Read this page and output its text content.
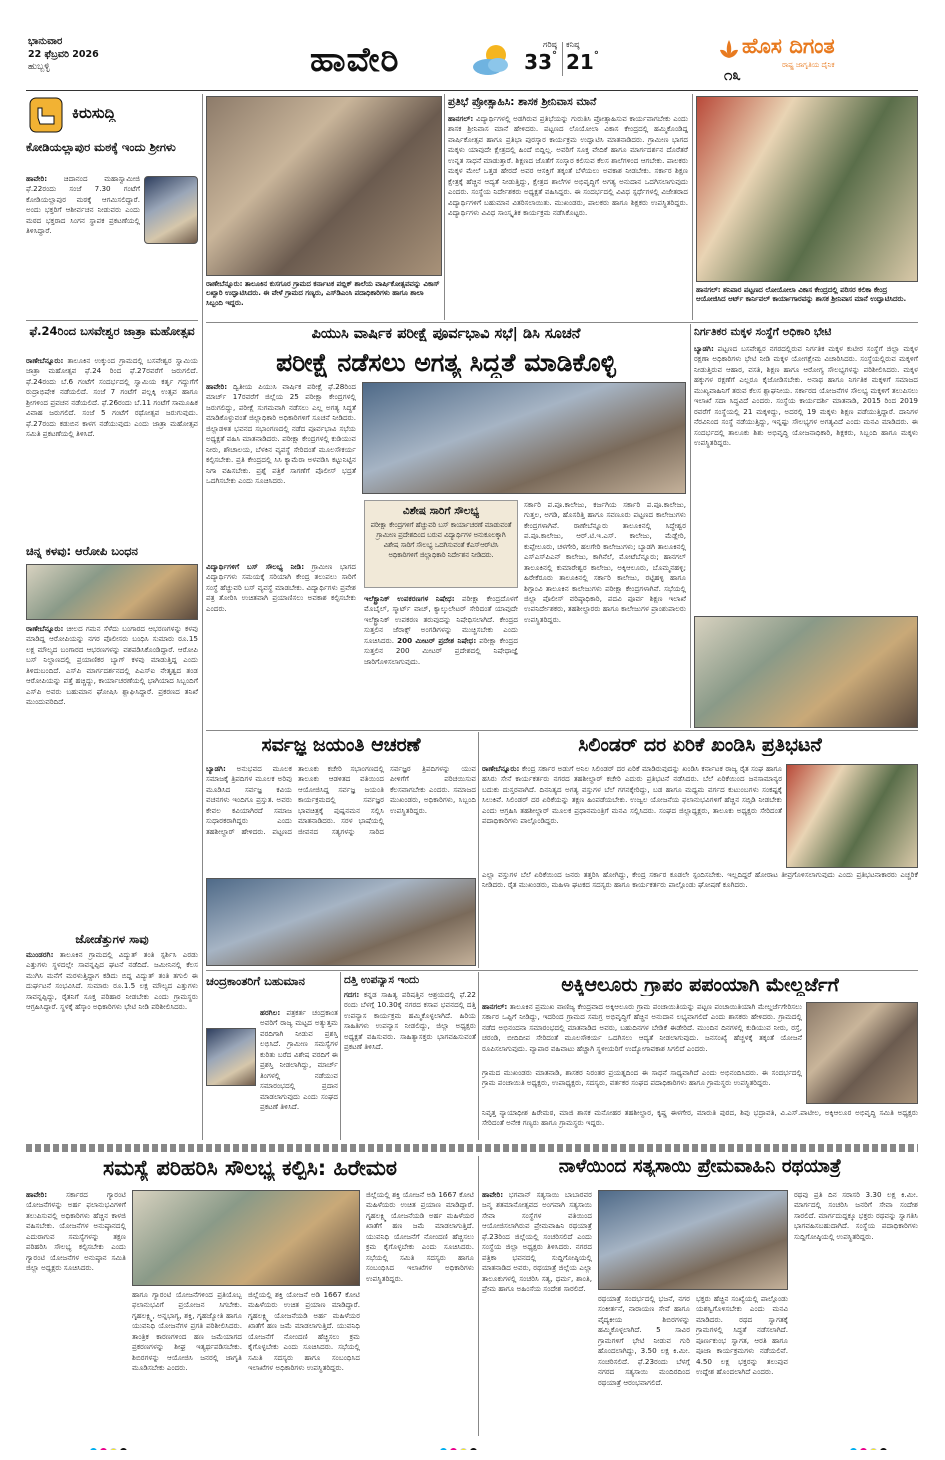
ಭಾನುವಾರ
22 ಫೆಬ್ರವರಿ 2026
ಹುಬ್ಬಳ್ಳಿ	ಹಾವೇರಿ	ಗರಿಷ್ಠ
33°
ಕನಿಷ್ಠ
21°	ಹೊಸ ದಿಗಂತ
ರಾಷ್ಟ್ರ ಜಾಗೃತಿಯ ದೈನಿಕ
೧೩
ಕಿರುಸುದ್ದಿ
ಕೋಡಿಯಲ್ಲಾಪುರ ಮಠಕ್ಕೆ ಇಂದು ಶ್ರೀಗಳು
ಹಾವೇರಿ: ಚಿದಾನಂದ ಮಹಾಸ್ವಾಮೀಜಿ ಫೆ.22ರಂದು ಸಂಜೆ 7.30 ಗಂಟೆಗೆ ಕೋಡಿಯಲ್ಲಾಪುರ ಮಠಕ್ಕೆ ಆಗಮಿಸಲಿದ್ದಾರೆ. ಅಂದು ಭಕ್ತರಿಗೆ ಆಶೀರ್ವಚನ ನೀಡುವರು ಎಂದು ಮಠದ ಭಕ್ತರಾದ ಸಿಂಗನ ಸ್ಥಾಪಕ ಪ್ರಕಟಣೆಯಲ್ಲಿ ತಿಳಿಸಿದ್ದಾರೆ.
ಫೆ.24ರಿಂದ ಬಸವೇಶ್ವರ ಜಾತ್ರಾ ಮಹೋತ್ಸವ
ರಾಣೇಬೆನ್ನೂರು: ತಾಲೂಕಿನ ಉಕ್ಕುಂದ ಗ್ರಾಮದಲ್ಲಿ ಬಸವೇಶ್ವರ ಸ್ವಾಮಿಯ ಜಾತ್ರಾ ಮಹೋತ್ಸವ ಫೆ.24 ರಿಂದ ಫೆ.27ರವರೆಗೆ ಜರುಗಲಿದೆ. ಫೆ.24ರಂದು ಬೆ.6 ಗಂಟೆಗೆ ಸಂದರ್ಭದಲ್ಲಿ ಸ್ವಾಮಿಯ ಕರ್ತೃ ಗದ್ದುಗೆಗೆ ರುದ್ರಾಭಿಷೇಕ ನಡೆಯಲಿದೆ. ಸಂಜೆ 7 ಗಂಟೆಗೆ ಪಲ್ಲಕ್ಕಿ ಉತ್ಸವ ಹಾಗೂ ಶ್ರೀಗಳಿಂದ ಪ್ರವಚನ ನಡೆಯಲಿದೆ. ಫೆ.26ರಂದು ಬೆ.11 ಗಂಟೆಗೆ ಸಾಮೂಹಿಕ ವಿವಾಹ ಜರುಗಲಿದೆ. ಸಂಜೆ 5 ಗಂಟೆಗೆ ರಥೋತ್ಸವ ಜರುಗುವುದು. ಫೆ.27ರಂದು ಕಡುಬಿನ ಕಾಳಗ ನಡೆಯುವುದು ಎಂದು ಜಾತ್ರಾ ಮಹೋತ್ಸವ ಸಮಿತಿ ಪ್ರಕಟಣೆಯಲ್ಲಿ ತಿಳಿಸಿದೆ.
ಚಿನ್ನ ಕಳವು: ಆರೋಪಿ ಬಂಧನ
ರಾಣೇಬೆನ್ನೂರು: ಚೀಲದ ಗಮನ ಸೆಳೆದು ಬಂಗಾರದ ಆಭರಣಗಳನ್ನು ಕಳವು ಮಾಡಿದ್ದ ಆರೋಪಿಯನ್ನು ನಗರ ಪೊಲೀಸರು ಬಂಧಿಸಿ ಸುಮಾರು ರೂ.15 ಲಕ್ಷ ಮೌಲ್ಯದ ಬಂಗಾರದ ಆಭರಣಗಳನ್ನು ವಶಪಡಿಸಿಕೊಂಡಿದ್ದಾರೆ. ಆರೋಪಿ ಬಸ್ ನಿಲ್ದಾಣದಲ್ಲಿ ಪ್ರಯಾಣಿಕರ ಬ್ಯಾಗ್ ಕಳವು ಮಾಡುತ್ತಿದ್ದ ಎಂದು ತಿಳಿದುಬಂದಿದೆ. ಎಸ್‌ಪಿ ಮಾರ್ಗದರ್ಶನದಲ್ಲಿ ಪಿಎಸ್‌ಐ ನೇತೃತ್ವದ ತಂಡ ಆರೋಪಿಯನ್ನು ಪತ್ತೆ ಹಚ್ಚಿದ್ದು, ಕಾರ್ಯಾಚರಣೆಯಲ್ಲಿ ಭಾಗಿಯಾದ ಸಿಬ್ಬಂದಿಗೆ ಎಸ್‌ಪಿ ಅವರು ಬಹುಮಾನ ಘೋಷಿಸಿ ಶ್ಲಾಘಿಸಿದ್ದಾರೆ. ಪ್ರಕರಣದ ತನಿಖೆ ಮುಂದುವರಿದಿದೆ.
ಜೋಡೆತ್ತುಗಳ ಸಾವು
ಮುಂಡರಗಿ: ತಾಲೂಕಿನ ಗ್ರಾಮದಲ್ಲಿ ವಿದ್ಯುತ್ ತಂತಿ ಸ್ಪರ್ಶಿಸಿ ಎರಡು ಎತ್ತುಗಳು ಸ್ಥಳದಲ್ಲೇ ಸಾವನ್ನಪ್ಪಿದ ಘಟನೆ ನಡೆದಿದೆ. ಜಮೀನಿನಲ್ಲಿ ಕೆಲಸ ಮುಗಿಸಿ ಮನೆಗೆ ಮರಳುತ್ತಿದ್ದಾಗ ಕಡಿದು ಬಿದ್ದ ವಿದ್ಯುತ್ ತಂತಿ ತಗುಲಿ ಈ ದುರ್ಘಟನೆ ಸಂಭವಿಸಿದೆ. ಸುಮಾರು ರೂ.1.5 ಲಕ್ಷ ಮೌಲ್ಯದ ಎತ್ತುಗಳು ಸಾವನ್ನಪ್ಪಿದ್ದು, ರೈತನಿಗೆ ಸೂಕ್ತ ಪರಿಹಾರ ನೀಡಬೇಕು ಎಂದು ಗ್ರಾಮಸ್ಥರು ಆಗ್ರಹಿಸಿದ್ದಾರೆ. ಸ್ಥಳಕ್ಕೆ ಹೆಸ್ಕಾಂ ಅಧಿಕಾರಿಗಳು ಭೇಟಿ ನೀಡಿ ಪರಿಶೀಲಿಸಿದರು.
ರಾಣೇಬೆನ್ನೂರು: ತಾಲೂಕಿನ ಕುಸಗೂರ ಗ್ರಾಮದ ಕರ್ನಾಟಕ ಪಬ್ಲಿಕ್ ಶಾಲೆಯ ವಾರ್ಷಿಕೋತ್ಸವವನ್ನು ವಿಕಾಸ್ ಲಖ್ಖಾರಿ ಉದ್ಘಾಟಿಸಿದರು. ಈ ವೇಳೆ ಗ್ರಾಮದ ಗಣ್ಯರು, ಎಸ್‌ಡಿಎಂಸಿ ಪದಾಧಿಕಾರಿಗಳು ಹಾಗೂ ಶಾಲಾ ಸಿಬ್ಬಂದಿ ಇದ್ದರು.
ಪ್ರತಿಭೆ ಪ್ರೋತ್ಸಾಹಿಸಿ: ಶಾಸಕ ಶ್ರೀನಿವಾಸ ಮಾನೆ
ಹಾನಗಲ್: ವಿದ್ಯಾರ್ಥಿಗಳಲ್ಲಿ ಅಡಗಿರುವ ಪ್ರತಿಭೆಯನ್ನು ಗುರುತಿಸಿ ಪ್ರೋತ್ಸಾಹಿಸುವ ಕಾರ್ಯವಾಗಬೇಕು ಎಂದು ಶಾಸಕ ಶ್ರೀನಿವಾಸ ಮಾನೆ ಹೇಳಿದರು. ಪಟ್ಟಣದ ಲೊಯೋಲಾ ವಿಕಾಸ ಕೇಂದ್ರದಲ್ಲಿ ಹಮ್ಮಿಕೊಂಡಿದ್ದ ವಾರ್ಷಿಕೋತ್ಸವ ಹಾಗೂ ಪ್ರತಿಭಾ ಪುರಸ್ಕಾರ ಕಾರ್ಯಕ್ರಮ ಉದ್ಘಾಟಿಸಿ ಮಾತನಾಡಿದರು. ಗ್ರಾಮೀಣ ಭಾಗದ ಮಕ್ಕಳು ಯಾವುದೇ ಕ್ಷೇತ್ರದಲ್ಲಿ ಹಿಂದೆ ಬಿದ್ದಿಲ್ಲ. ಅವರಿಗೆ ಸೂಕ್ತ ವೇದಿಕೆ ಹಾಗೂ ಮಾರ್ಗದರ್ಶನ ದೊರೆತರೆ ಉನ್ನತ ಸಾಧನೆ ಮಾಡುತ್ತಾರೆ. ಶಿಕ್ಷಣದ ಜೊತೆಗೆ ಸಂಸ್ಕಾರ ಕಲಿಸುವ ಕೆಲಸ ಶಾಲೆಗಳಿಂದ ಆಗಬೇಕು. ಪಾಲಕರು ಮಕ್ಕಳ ಮೇಲೆ ಒತ್ತಡ ಹೇರದೆ ಅವರ ಆಸಕ್ತಿಗೆ ತಕ್ಕಂತೆ ಬೆಳೆಯಲು ಅವಕಾಶ ನೀಡಬೇಕು. ಸರ್ಕಾರ ಶಿಕ್ಷಣ ಕ್ಷೇತ್ರಕ್ಕೆ ಹೆಚ್ಚಿನ ಆದ್ಯತೆ ನೀಡುತ್ತಿದ್ದು, ಕ್ಷೇತ್ರದ ಶಾಲೆಗಳ ಅಭಿವೃದ್ಧಿಗೆ ಅಗತ್ಯ ಅನುದಾನ ಒದಗಿಸಲಾಗುವುದು ಎಂದರು. ಸಂಸ್ಥೆಯ ನಿರ್ದೇಶಕರು ಅಧ್ಯಕ್ಷತೆ ವಹಿಸಿದ್ದರು. ಈ ಸಂದರ್ಭದಲ್ಲಿ ವಿವಿಧ ಸ್ಪರ್ಧೆಗಳಲ್ಲಿ ವಿಜೇತರಾದ ವಿದ್ಯಾರ್ಥಿಗಳಿಗೆ ಬಹುಮಾನ ವಿತರಿಸಲಾಯಿತು. ಮುಖಂಡರು, ಪಾಲಕರು ಹಾಗೂ ಶಿಕ್ಷಕರು ಉಪಸ್ಥಿತರಿದ್ದರು. ವಿದ್ಯಾರ್ಥಿಗಳು ವಿವಿಧ ಸಾಂಸ್ಕೃತಿಕ ಕಾರ್ಯಕ್ರಮ ನಡೆಸಿಕೊಟ್ಟರು.
ಹಾನಗಲ್: ಶನಿವಾರ ಪಟ್ಟಣದ ಲೋಯೋಲಾ ವಿಕಾಸ ಕೇಂದ್ರದಲ್ಲಿ ಪರಿಸರ ಕಲಿಕಾ ಕೇಂದ್ರ ಆಯೋಜಿಸಿದ ಆರ್ಟ್‌ ಕಾರ್ನಿವಲ್ ಕಾರ್ಯಾಗಾರವನ್ನು ಶಾಸಕ ಶ್ರೀನಿವಾಸ ಮಾನೆ ಉದ್ಘಾಟಿಸಿದರು.
ಪಿಯುಸಿ ವಾರ್ಷಿಕ ಪರೀಕ್ಷೆ ಪೂರ್ವಭಾವಿ ಸಭೆ| ಡಿಸಿ ಸೂಚನೆ
ಪರೀಕ್ಷೆ ನಡೆಸಲು ಅಗತ್ಯ ಸಿದ್ಧತೆ ಮಾಡಿಕೊಳ್ಳಿ
ಹಾವೇರಿ: ದ್ವಿತೀಯ ಪಿಯುಸಿ ವಾರ್ಷಿಕ ಪರೀಕ್ಷೆ ಫೆ.28ರಿಂದ ಮಾರ್ಚ್ 17ರವರೆಗೆ ಜಿಲ್ಲೆಯ 25 ಪರೀಕ್ಷಾ ಕೇಂದ್ರಗಳಲ್ಲಿ ಜರುಗಲಿದ್ದು, ಪರೀಕ್ಷೆ ಸುಗಮವಾಗಿ ನಡೆಸಲು ಎಲ್ಲ ಅಗತ್ಯ ಸಿದ್ಧತೆ ಮಾಡಿಕೊಳ್ಳುವಂತೆ ಜಿಲ್ಲಾಧಿಕಾರಿ ಅಧಿಕಾರಿಗಳಿಗೆ ಸೂಚನೆ ನೀಡಿದರು. ಜಿಲ್ಲಾಡಳಿತ ಭವನದ ಸಭಾಂಗಣದಲ್ಲಿ ನಡೆದ ಪೂರ್ವಭಾವಿ ಸಭೆಯ ಅಧ್ಯಕ್ಷತೆ ವಹಿಸಿ ಮಾತನಾಡಿದರು. ಪರೀಕ್ಷಾ ಕೇಂದ್ರಗಳಲ್ಲಿ ಕುಡಿಯುವ ನೀರು, ಶೌಚಾಲಯ, ಬೆಳಕಿನ ವ್ಯವಸ್ಥೆ ಸೇರಿದಂತೆ ಮೂಲಸೌಕರ್ಯ ಕಲ್ಪಿಸಬೇಕು. ಪ್ರತಿ ಕೇಂದ್ರದಲ್ಲಿ ಸಿಸಿ ಕ್ಯಾಮೆರಾ ಅಳವಡಿಸಿ ಕಟ್ಟುನಿಟ್ಟಿನ ನಿಗಾ ವಹಿಸಬೇಕು. ಪ್ರಶ್ನೆ ಪತ್ರಿಕೆ ಸಾಗಣೆಗೆ ಪೊಲೀಸ್ ಭದ್ರತೆ ಒದಗಿಸಬೇಕು ಎಂದು ಸೂಚಿಸಿದರು.
ವಿದ್ಯಾರ್ಥಿಗಳಿಗೆ ಬಸ್ ಸೌಲಭ್ಯ ನೀಡಿ: ಗ್ರಾಮೀಣ ಭಾಗದ ವಿದ್ಯಾರ್ಥಿಗಳು ಸಮಯಕ್ಕೆ ಸರಿಯಾಗಿ ಕೇಂದ್ರ ತಲುಪಲು ಸಾರಿಗೆ ಸಂಸ್ಥೆ ಹೆಚ್ಚುವರಿ ಬಸ್ ವ್ಯವಸ್ಥೆ ಮಾಡಬೇಕು. ವಿದ್ಯಾರ್ಥಿಗಳು ಪ್ರವೇಶ ಪತ್ರ ತೋರಿಸಿ ಉಚಿತವಾಗಿ ಪ್ರಯಾಣಿಸಲು ಅವಕಾಶ ಕಲ್ಪಿಸಬೇಕು ಎಂದರು.
ವಿಶೇಷ ಸಾರಿಗೆ ಸೌಲಭ್ಯ
ಪರೀಕ್ಷಾ ಕೇಂದ್ರಗಳಿಗೆ ಹೆಚ್ಚುವರಿ ಬಸ್ ಕಾರ್ಯಾಚರಣೆ ಮಾಡುವಂತೆ ಗ್ರಾಮೀಣ ಪ್ರದೇಶದಿಂದ ಬರುವ ವಿದ್ಯಾರ್ಥಿಗಳ ಅನುಕೂಲಕ್ಕಾಗಿ ವಿಶೇಷ ಸಾರಿಗೆ ಸೌಲಭ್ಯ ಒದಗಿಸುವಂತೆ ಕೆಎಸ್‌ಆರ್‌ಟಿಸಿ ಅಧಿಕಾರಿಗಳಿಗೆ ಜಿಲ್ಲಾಧಿಕಾರಿ ನಿರ್ದೇಶನ ನೀಡಿದರು.
ಇಲೆಕ್ಟ್ರಾನಿಕ್ ಉಪಕರಣಗಳ ನಿಷೇಧ: ಪರೀಕ್ಷಾ ಕೇಂದ್ರದೊಳಗೆ ಮೊಬೈಲ್, ಸ್ಮಾರ್ಟ್ ವಾಚ್, ಕ್ಯಾಲ್ಕುಲೇಟರ್ ಸೇರಿದಂತೆ ಯಾವುದೇ ಇಲೆಕ್ಟ್ರಾನಿಕ್ ಉಪಕರಣ ತರುವುದನ್ನು ನಿಷೇಧಿಸಲಾಗಿದೆ. ಕೇಂದ್ರದ ಸುತ್ತಲಿನ ಜೆರಾಕ್ಸ್ ಅಂಗಡಿಗಳನ್ನು ಮುಚ್ಚಿಸಬೇಕು ಎಂದು ಸೂಚಿಸಿದರು. 200 ಮೀಟರ್ ಪ್ರದೇಶ ನಿಷೇಧ: ಪರೀಕ್ಷಾ ಕೇಂದ್ರದ ಸುತ್ತಲಿನ 200 ಮೀಟರ್ ಪ್ರದೇಶದಲ್ಲಿ ನಿಷೇಧಾಜ್ಞೆ ಜಾರಿಗೊಳಿಸಲಾಗುವುದು.
ಸರ್ಕಾರಿ ಪ.ಪೂ.ಕಾಲೇಜು, ಕರ್ಜಗಿಯ ಸರ್ಕಾರಿ ಪ.ಪೂ.ಕಾಲೇಜು, ಗುತ್ತಲ, ಅಗಡಿ, ಹೊಸರಿತ್ತಿ ಹಾಗೂ ಸವಣೂರು ಪಟ್ಟಣದ ಕಾಲೇಜುಗಳು ಕೇಂದ್ರಗಳಾಗಿವೆ. ರಾಣೇಬೆನ್ನೂರು ತಾಲೂಕಿನಲ್ಲಿ ಸಿದ್ಧೇಶ್ವರ ಪ.ಪೂ.ಕಾಲೇಜು, ಆರ್.ಟಿ.ಇ.ಎಸ್. ಕಾಲೇಜು, ಮೆಡ್ಲೇರಿ, ಕುಪ್ಪೇಲೂರು, ಚಳಗೇರಿ, ಹಲಗೇರಿ ಕಾಲೇಜುಗಳು; ಬ್ಯಾಡಗಿ ತಾಲೂಕಿನಲ್ಲಿ ಎಸ್‌ಎಸ್‌ಪಿಎನ್ ಕಾಲೇಜು, ಕಾಗಿನೆಲೆ, ಮೋಟೆಬೆನ್ನೂರು; ಹಾನಗಲ್ ತಾಲೂಕಿನಲ್ಲಿ ಕುಮಾರೇಶ್ವರ ಕಾಲೇಜು, ಅಕ್ಕಿಆಲೂರು, ಬೊಮ್ಮನಹಳ್ಳಿ; ಹಿರೇಕೆರೂರು ತಾಲೂಕಿನಲ್ಲಿ ಸರ್ಕಾರಿ ಕಾಲೇಜು, ರಟ್ಟಿಹಳ್ಳಿ ಹಾಗೂ ಶಿಗ್ಗಾಂವಿ ತಾಲೂಕಿನ ಕಾಲೇಜುಗಳು ಪರೀಕ್ಷಾ ಕೇಂದ್ರಗಳಾಗಿವೆ. ಸಭೆಯಲ್ಲಿ ಜಿಲ್ಲಾ ಪೊಲೀಸ್ ವರಿಷ್ಠಾಧಿಕಾರಿ, ಪದವಿ ಪೂರ್ವ ಶಿಕ್ಷಣ ಇಲಾಖೆ ಉಪನಿರ್ದೇಶಕರು, ತಹಶೀಲ್ದಾರರು ಹಾಗೂ ಕಾಲೇಜುಗಳ ಪ್ರಾಂಶುಪಾಲರು ಉಪಸ್ಥಿತರಿದ್ದರು.
ನಿರ್ಗತಿಕರ ಮಕ್ಕಳ ಸಂಸ್ಥೆಗೆ ಅಧಿಕಾರಿ ಭೇಟಿ
ಬ್ಯಾಡಗಿ: ಪಟ್ಟಣದ ಬಸವೇಶ್ವರ ನಗರದಲ್ಲಿರುವ ನಿರ್ಗತಿಕ ಮಕ್ಕಳ ಕುಟೀರ ಸಂಸ್ಥೆಗೆ ಜಿಲ್ಲಾ ಮಕ್ಕಳ ರಕ್ಷಣಾ ಅಧಿಕಾರಿಗಳು ಭೇಟಿ ನೀಡಿ ಮಕ್ಕಳ ಯೋಗಕ್ಷೇಮ ವಿಚಾರಿಸಿದರು. ಸಂಸ್ಥೆಯಲ್ಲಿರುವ ಮಕ್ಕಳಿಗೆ ನೀಡುತ್ತಿರುವ ಆಹಾರ, ವಸತಿ, ಶಿಕ್ಷಣ ಹಾಗೂ ಆರೋಗ್ಯ ಸೌಲಭ್ಯಗಳನ್ನು ಪರಿಶೀಲಿಸಿದರು. ಮಕ್ಕಳ ಹಕ್ಕುಗಳ ರಕ್ಷಣೆಗೆ ಎಲ್ಲರೂ ಕೈಜೋಡಿಸಬೇಕು. ಅನಾಥ ಹಾಗೂ ನಿರ್ಗತಿಕ ಮಕ್ಕಳಿಗೆ ಸಮಾಜದ ಮುಖ್ಯವಾಹಿನಿಗೆ ತರುವ ಕೆಲಸ ಶ್ಲಾಘನೀಯ. ಸರ್ಕಾರದ ಯೋಜನೆಗಳ ಸೌಲಭ್ಯ ಮಕ್ಕಳಿಗೆ ತಲುಪಿಸಲು ಇಲಾಖೆ ಸದಾ ಸಿದ್ಧವಿದೆ ಎಂದರು. ಸಂಸ್ಥೆಯ ಕಾರ್ಯದರ್ಶಿ ಮಾತನಾಡಿ, 2015 ರಿಂದ 2019 ರವರೆಗೆ ಸಂಸ್ಥೆಯಲ್ಲಿ 21 ಮಕ್ಕಳಿದ್ದು, ಅದರಲ್ಲಿ 19 ಮಕ್ಕಳು ಶಿಕ್ಷಣ ಪಡೆಯುತ್ತಿದ್ದಾರೆ. ದಾನಿಗಳ ನೆರವಿನಿಂದ ಸಂಸ್ಥೆ ನಡೆಯುತ್ತಿದ್ದು, ಇನ್ನಷ್ಟು ಸೌಲಭ್ಯಗಳ ಅಗತ್ಯವಿದೆ ಎಂದು ಮನವಿ ಮಾಡಿದರು. ಈ ಸಂದರ್ಭದಲ್ಲಿ ತಾಲೂಕು ಶಿಶು ಅಭಿವೃದ್ಧಿ ಯೋಜನಾಧಿಕಾರಿ, ಶಿಕ್ಷಕರು, ಸಿಬ್ಬಂದಿ ಹಾಗೂ ಮಕ್ಕಳು ಉಪಸ್ಥಿತರಿದ್ದರು.
ಸರ್ವಜ್ಞ ಜಯಂತಿ ಆಚರಣೆ
ಬ್ಯಾಡಗಿ: ಅನುಭವದ ಮೂಲಕ ಸಮಾಜಕ್ಕೆ ತ್ರಿಪದಿಗಳ ಮೂಲಕ ಅರಿವು ಮೂಡಿಸಿದ ಸರ್ವಜ್ಞ ಕವಿಯ ವಚನಗಳು ಇಂದಿಗೂ ಪ್ರಸ್ತುತ. ಅವರು ಕೇವಲ ಕವಿಯಾಗಿರದೆ ಸಮಾಜ ಸುಧಾರಕರಾಗಿದ್ದರು ಎಂದು ತಹಶೀಲ್ದಾರ್ ಹೇಳಿದರು. ಪಟ್ಟಣದ ತಾಲೂಕು ಕಚೇರಿ ಸಭಾಂಗಣದಲ್ಲಿ ತಾಲೂಕು ಆಡಳಿತದ ವತಿಯಿಂದ ಆಯೋಜಿಸಿದ್ದ ಸರ್ವಜ್ಞ ಜಯಂತಿ ಕಾರ್ಯಕ್ರಮದಲ್ಲಿ ಸರ್ವಜ್ಞರ ಭಾವಚಿತ್ರಕ್ಕೆ ಪುಷ್ಪನಮನ ಸಲ್ಲಿಸಿ ಮಾತನಾಡಿದರು. ಸರಳ ಭಾಷೆಯಲ್ಲಿ ಜೀವನದ ಸತ್ಯಗಳನ್ನು ಸಾರಿದ ಸರ್ವಜ್ಞರ ತ್ರಿಪದಿಗಳನ್ನು ಯುವ ಪೀಳಿಗೆಗೆ ಪರಿಚಯಿಸುವ ಕೆಲಸವಾಗಬೇಕು ಎಂದರು. ಸಮಾಜದ ಮುಖಂಡರು, ಅಧಿಕಾರಿಗಳು, ಸಿಬ್ಬಂದಿ ಉಪಸ್ಥಿತರಿದ್ದರು.
ಸಿಲಿಂಡರ್ ದರ ಏರಿಕೆ ಖಂಡಿಸಿ ಪ್ರತಿಭಟನೆ
ರಾಣೇಬೆನ್ನೂರು: ಕೇಂದ್ರ ಸರ್ಕಾರ ಅಡುಗೆ ಅನಿಲ ಸಿಲಿಂಡರ್ ದರ ಏರಿಕೆ ಮಾಡಿರುವುದನ್ನು ಖಂಡಿಸಿ ಕರ್ನಾಟಕ ರಾಜ್ಯ ರೈತ ಸಂಘ ಹಾಗೂ ಹಸಿರು ಸೇನೆ ಕಾರ್ಯಕರ್ತರು ನಗರದ ತಹಶೀಲ್ದಾರ್ ಕಚೇರಿ ಎದುರು ಪ್ರತಿಭಟನೆ ನಡೆಸಿದರು. ಬೆಲೆ ಏರಿಕೆಯಿಂದ ಜನಸಾಮಾನ್ಯರ ಬದುಕು ದುಸ್ತರವಾಗಿದೆ. ದಿನನಿತ್ಯದ ಅಗತ್ಯ ವಸ್ತುಗಳ ಬೆಲೆ ಗಗನಕ್ಕೇರಿದ್ದು, ಬಡ ಹಾಗೂ ಮಧ್ಯಮ ವರ್ಗದ ಕುಟುಂಬಗಳು ಸಂಕಷ್ಟಕ್ಕೆ ಸಿಲುಕಿವೆ. ಸಿಲಿಂಡರ್ ದರ ಏರಿಕೆಯನ್ನು ತಕ್ಷಣ ಹಿಂಪಡೆಯಬೇಕು. ಉಜ್ವಲ ಯೋಜನೆಯ ಫಲಾನುಭವಿಗಳಿಗೆ ಹೆಚ್ಚಿನ ಸಬ್ಸಿಡಿ ನೀಡಬೇಕು ಎಂದು ಆಗ್ರಹಿಸಿ ತಹಶೀಲ್ದಾರ್ ಮೂಲಕ ಪ್ರಧಾನಮಂತ್ರಿಗೆ ಮನವಿ ಸಲ್ಲಿಸಿದರು. ಸಂಘದ ಜಿಲ್ಲಾಧ್ಯಕ್ಷರು, ತಾಲೂಕು ಅಧ್ಯಕ್ಷರು ಸೇರಿದಂತೆ ಪದಾಧಿಕಾರಿಗಳು ಪಾಲ್ಗೊಂಡಿದ್ದರು.
ಎಲ್ಲಾ ವಸ್ತುಗಳ ಬೆಲೆ ಏರಿಕೆಯಿಂದ ಜನರು ತತ್ತರಿಸಿ ಹೋಗಿದ್ದು, ಕೇಂದ್ರ ಸರ್ಕಾರ ಕೂಡಲೇ ಸ್ಪಂದಿಸಬೇಕು. ಇಲ್ಲದಿದ್ದರೆ ಹೋರಾಟ ತೀವ್ರಗೊಳಿಸಲಾಗುವುದು ಎಂದು ಪ್ರತಿಭಟನಾಕಾರರು ಎಚ್ಚರಿಕೆ ನೀಡಿದರು. ರೈತ ಮುಖಂಡರು, ಮಹಿಳಾ ಘಟಕದ ಸದಸ್ಯರು ಹಾಗೂ ಕಾರ್ಯಕರ್ತರು ಪಾಲ್ಗೊಂಡು ಘೋಷಣೆ ಕೂಗಿದರು.
ಚಂದ್ರಕಾಂತರಿಗೆ ಬಹುಮಾನ
ಹರಗಿಲ: ಪತ್ರಕರ್ತ ಚಂದ್ರಕಾಂತ ಅವರಿಗೆ ರಾಜ್ಯ ಮಟ್ಟದ ಅತ್ಯುತ್ತಮ ವರದಿಗಾಗಿ ನೀಡುವ ಪ್ರಶಸ್ತಿ ಲಭಿಸಿದೆ. ಗ್ರಾಮೀಣ ಸಮಸ್ಯೆಗಳ ಕುರಿತು ಬರೆದ ವಿಶೇಷ ವರದಿಗೆ ಈ ಪ್ರಶಸ್ತಿ ನೀಡಲಾಗಿದ್ದು, ಮಾರ್ಚ್ ತಿಂಗಳಲ್ಲಿ ನಡೆಯುವ ಸಮಾರಂಭದಲ್ಲಿ ಪ್ರದಾನ ಮಾಡಲಾಗುವುದು ಎಂದು ಸಂಘದ ಪ್ರಕಟಣೆ ತಿಳಿಸಿದೆ.
ದತ್ತಿ ಉಪನ್ಯಾಸ ಇಂದು
ಗದಗ: ಕನ್ನಡ ಸಾಹಿತ್ಯ ಪರಿಷತ್ತಿನ ಆಶ್ರಯದಲ್ಲಿ ಫೆ.22 ರಂದು ಬೆಳಗ್ಗೆ 10.30ಕ್ಕೆ ನಗರದ ಕಸಾಪ ಭವನದಲ್ಲಿ ದತ್ತಿ ಉಪನ್ಯಾಸ ಕಾರ್ಯಕ್ರಮ ಹಮ್ಮಿಕೊಳ್ಳಲಾಗಿದೆ. ಹಿರಿಯ ಸಾಹಿತಿಗಳು ಉಪನ್ಯಾಸ ನೀಡಲಿದ್ದು, ಜಿಲ್ಲಾ ಅಧ್ಯಕ್ಷರು ಅಧ್ಯಕ್ಷತೆ ವಹಿಸುವರು. ಸಾಹಿತ್ಯಾಸಕ್ತರು ಭಾಗವಹಿಸುವಂತೆ ಪ್ರಕಟಣೆ ತಿಳಿಸಿದೆ.
ಅಕ್ಕಿಆಲೂರು ಗ್ರಾಪಂ ಪಪಂಯಾಗಿ ಮೇಲ್ದರ್ಜೆಗೆ
ಹಾನಗಲ್: ತಾಲೂಕಿನ ಪ್ರಮುಖ ವಾಣಿಜ್ಯ ಕೇಂದ್ರವಾದ ಅಕ್ಕಿಆಲೂರು ಗ್ರಾಮ ಪಂಚಾಯಿತಿಯನ್ನು ಪಟ್ಟಣ ಪಂಚಾಯಿತಿಯಾಗಿ ಮೇಲ್ದರ್ಜೆಗೇರಿಸಲು ಸರ್ಕಾರ ಒಪ್ಪಿಗೆ ನೀಡಿದ್ದು, ಇದರಿಂದ ಗ್ರಾಮದ ಸಮಗ್ರ ಅಭಿವೃದ್ಧಿಗೆ ಹೆಚ್ಚಿನ ಅನುದಾನ ಲಭ್ಯವಾಗಲಿದೆ ಎಂದು ಶಾಸಕರು ಹೇಳಿದರು. ಗ್ರಾಮದಲ್ಲಿ ನಡೆದ ಅಭಿನಂದನಾ ಸಮಾರಂಭದಲ್ಲಿ ಮಾತನಾಡಿದ ಅವರು, ಬಹುದಿನಗಳ ಬೇಡಿಕೆ ಈಡೇರಿದೆ. ಮುಂದಿನ ದಿನಗಳಲ್ಲಿ ಕುಡಿಯುವ ನೀರು, ರಸ್ತೆ, ಚರಂಡಿ, ಬೀದಿದೀಪ ಸೇರಿದಂತೆ ಮೂಲಸೌಕರ್ಯ ಒದಗಿಸಲು ಆದ್ಯತೆ ನೀಡಲಾಗುವುದು. ಜನಸಂಖ್ಯೆ ಹೆಚ್ಚಳಕ್ಕೆ ತಕ್ಕಂತೆ ಯೋಜನೆ ರೂಪಿಸಲಾಗುವುದು. ವ್ಯಾಪಾರ ವಹಿವಾಟು ಹೆಚ್ಚಾಗಿ ಸ್ಥಳೀಯರಿಗೆ ಉದ್ಯೋಗಾವಕಾಶ ಸಿಗಲಿದೆ ಎಂದರು.
ಗ್ರಾಮದ ಮುಖಂಡರು ಮಾತನಾಡಿ, ಶಾಸಕರ ನಿರಂತರ ಪ್ರಯತ್ನದಿಂದ ಈ ಸಾಧನೆ ಸಾಧ್ಯವಾಗಿದೆ ಎಂದು ಅಭಿನಂದಿಸಿದರು. ಈ ಸಂದರ್ಭದಲ್ಲಿ ಗ್ರಾಮ ಪಂಚಾಯಿತಿ ಅಧ್ಯಕ್ಷರು, ಉಪಾಧ್ಯಕ್ಷರು, ಸದಸ್ಯರು, ವರ್ತಕರ ಸಂಘದ ಪದಾಧಿಕಾರಿಗಳು ಹಾಗೂ ಗ್ರಾಮಸ್ಥರು ಉಪಸ್ಥಿತರಿದ್ದರು.
ನಿವೃತ್ತ ನ್ಯಾಯಾಧೀಶ ಹಿರೇಮಠ, ಮಾಜಿ ಶಾಸಕ ಮನೋಹರ ತಹಶೀಲ್ದಾರ, ಕೃಷ್ಣ ಈಳಗೇರ, ಮಾರುತಿ ಪುರದ, ಶಿವು ಭದ್ರಾವತಿ, ವಿ.ಎಸ್.ಪಾಟೀಲ, ಅಕ್ಕಿಆಲೂರ ಅಭಿವೃದ್ಧಿ ಸಮಿತಿ ಅಧ್ಯಕ್ಷರು ಸೇರಿದಂತೆ ಅನೇಕ ಗಣ್ಯರು ಹಾಗೂ ಗ್ರಾಮಸ್ಥರು ಇದ್ದರು.
ಸಮಸ್ಯೆ ಪರಿಹರಿಸಿ ಸೌಲಭ್ಯ ಕಲ್ಪಿಸಿ: ಹಿರೇಮಠ
ಹಾವೇರಿ:	ಸರ್ಕಾರದ ಗ್ಯಾರಂಟಿ ಯೋಜನೆಗಳನ್ನು ಅರ್ಹ ಫಲಾನುಭವಿಗಳಿಗೆ ತಲುಪಿಸುವಲ್ಲಿ ಅಧಿಕಾರಿಗಳು ಹೆಚ್ಚಿನ ಕಾಳಜಿ ವಹಿಸಬೇಕು. ಯೋಜನೆಗಳ ಅನುಷ್ಠಾನದಲ್ಲಿ ಎದುರಾಗುವ ಸಮಸ್ಯೆಗಳನ್ನು ತಕ್ಷಣ ಪರಿಹರಿಸಿ ಸೌಲಭ್ಯ ಕಲ್ಪಿಸಬೇಕು ಎಂದು ಗ್ಯಾರಂಟಿ ಯೋಜನೆಗಳ ಅನುಷ್ಠಾನ ಸಮಿತಿ ಜಿಲ್ಲಾ ಅಧ್ಯಕ್ಷರು ಸೂಚಿಸಿದರು.
ಹಾಗೂ ಗ್ಯಾರಂಟಿ ಯೋಜನೆಗಳಿಂದ ಪ್ರತಿಯೊಬ್ಬ ಫಲಾನುಭವಿಗೆ ಪ್ರಯೋಜನ ಸಿಗಬೇಕು. ಗೃಹಲಕ್ಷ್ಮಿ, ಅನ್ನಭಾಗ್ಯ, ಶಕ್ತಿ, ಗೃಹಜ್ಯೋತಿ ಹಾಗೂ ಯುವನಿಧಿ ಯೋಜನೆಗಳ ಪ್ರಗತಿ ಪರಿಶೀಲಿಸಿದರು. ತಾಂತ್ರಿಕ ಕಾರಣಗಳಿಂದ ಹಣ ಜಮೆಯಾಗದ ಪ್ರಕರಣಗಳನ್ನು ಶೀಘ್ರ ಇತ್ಯರ್ಥಪಡಿಸಬೇಕು. ಶಿಬಿರಗಳನ್ನು ಆಯೋಜಿಸಿ ಜನರಲ್ಲಿ ಜಾಗೃತಿ ಮೂಡಿಸಬೇಕು ಎಂದರು.
ಜಿಲ್ಲೆಯಲ್ಲಿ ಶಕ್ತಿ ಯೋಜನೆ ಅಡಿ 1667 ಕೋಟಿ ಮಹಿಳೆಯರು ಉಚಿತ ಪ್ರಯಾಣ ಮಾಡಿದ್ದಾರೆ. ಗೃಹಲಕ್ಷ್ಮಿ ಯೋಜನೆಯಡಿ ಅರ್ಹ ಮಹಿಳೆಯರ ಖಾತೆಗೆ ಹಣ ಜಮೆ ಮಾಡಲಾಗುತ್ತಿದೆ. ಯುವನಿಧಿ ಯೋಜನೆಗೆ ನೋಂದಣಿ ಹೆಚ್ಚಿಸಲು ಕ್ರಮ ಕೈಗೊಳ್ಳಬೇಕು ಎಂದು ಸೂಚಿಸಿದರು. ಸಭೆಯಲ್ಲಿ ಸಮಿತಿ ಸದಸ್ಯರು ಹಾಗೂ ಸಂಬಂಧಿಸಿದ ಇಲಾಖೆಗಳ ಅಧಿಕಾರಿಗಳು ಉಪಸ್ಥಿತರಿದ್ದರು.
ಜಿಲ್ಲೆಯಲ್ಲಿ ಶಕ್ತಿ ಯೋಜನೆ ಅಡಿ 1667 ಕೋಟಿ ಮಹಿಳೆಯರು ಉಚಿತ ಪ್ರಯಾಣ ಮಾಡಿದ್ದಾರೆ. ಗೃಹಲಕ್ಷ್ಮಿ ಯೋಜನೆಯಡಿ ಅರ್ಹ ಮಹಿಳೆಯರ ಖಾತೆಗೆ ಹಣ ಜಮೆ ಮಾಡಲಾಗುತ್ತಿದೆ. ಯುವನಿಧಿ ಯೋಜನೆಗೆ ನೋಂದಣಿ ಹೆಚ್ಚಿಸಲು ಕ್ರಮ ಕೈಗೊಳ್ಳಬೇಕು ಎಂದು ಸೂಚಿಸಿದರು. ಸಭೆಯಲ್ಲಿ ಸಮಿತಿ ಸದಸ್ಯರು ಹಾಗೂ ಸಂಬಂಧಿಸಿದ ಇಲಾಖೆಗಳ ಅಧಿಕಾರಿಗಳು ಉಪಸ್ಥಿತರಿದ್ದರು.
ನಾಳೆಯಿಂದ ಸತ್ಯಸಾಯಿ ಪ್ರೇಮವಾಹಿನಿ ರಥಯಾತ್ರೆ
ಹಾವೇರಿ: ಭಗವಾನ್ ಸತ್ಯಸಾಯಿ ಬಾಬಾರವರ ಜನ್ಮ ಶತಮಾನೋತ್ಸವದ ಅಂಗವಾಗಿ ಸತ್ಯಸಾಯಿ ಸೇವಾ ಸಂಸ್ಥೆಗಳ ವತಿಯಿಂದ ಆಯೋಜಿಸಲಾಗಿರುವ ಪ್ರೇಮವಾಹಿನಿ ರಥಯಾತ್ರೆ ಫೆ.23ರಿಂದ ಜಿಲ್ಲೆಯಲ್ಲಿ ಸಂಚರಿಸಲಿದೆ ಎಂದು ಸಂಸ್ಥೆಯ ಜಿಲ್ಲಾ ಅಧ್ಯಕ್ಷರು ತಿಳಿಸಿದರು. ನಗರದ ಪತ್ರಿಕಾ ಭವನದಲ್ಲಿ ಸುದ್ದಿಗೋಷ್ಠಿಯಲ್ಲಿ ಮಾತನಾಡಿದ ಅವರು, ರಥಯಾತ್ರೆ ಜಿಲ್ಲೆಯ ಎಲ್ಲಾ ತಾಲೂಕುಗಳಲ್ಲಿ ಸಂಚರಿಸಿ ಸತ್ಯ, ಧರ್ಮ, ಶಾಂತಿ, ಪ್ರೇಮ ಹಾಗೂ ಅಹಿಂಸೆಯ ಸಂದೇಶ ಸಾರಲಿದೆ.
ರಥಯಾತ್ರೆ ಸಂದರ್ಭದಲ್ಲಿ ಭಜನೆ, ನಗರ ಸಂಕೀರ್ತನೆ, ನಾರಾಯಣ ಸೇವೆ ಹಾಗೂ ವೈದ್ಯಕೀಯ ಶಿಬಿರಗಳನ್ನು ಹಮ್ಮಿಕೊಳ್ಳಲಾಗಿದೆ. 5 ಸಾವಿರ ಗ್ರಾಮಗಳಿಗೆ ಭೇಟಿ ನೀಡುವ ಗುರಿ ಹೊಂದಲಾಗಿದ್ದು, 3.50 ಲಕ್ಷ ಕಿ.ಮೀ. ಸಂಚರಿಸಲಿದೆ. ಫೆ.23ರಂದು ಬೆಳಗ್ಗೆ ನಗರದ ಸತ್ಯಸಾಯಿ ಮಂದಿರದಿಂದ ರಥಯಾತ್ರೆ ಆರಂಭವಾಗಲಿದೆ.
ಭಕ್ತರು ಹೆಚ್ಚಿನ ಸಂಖ್ಯೆಯಲ್ಲಿ ಪಾಲ್ಗೊಂಡು ಯಶಸ್ವಿಗೊಳಿಸಬೇಕು ಎಂದು ಮನವಿ ಮಾಡಿದರು. ರಥದ ಸ್ವಾಗತಕ್ಕೆ ಗ್ರಾಮಗಳಲ್ಲಿ ಸಿದ್ಧತೆ ನಡೆಸಲಾಗಿದೆ. ಪೂರ್ಣಕುಂಭ ಸ್ವಾಗತ, ಆರತಿ ಹಾಗೂ ಪೂಜಾ ಕಾರ್ಯಕ್ರಮಗಳು ನಡೆಯಲಿವೆ. 4.50 ಲಕ್ಷ ಭಕ್ತರನ್ನು ತಲುಪುವ ಉದ್ದೇಶ ಹೊಂದಲಾಗಿದೆ ಎಂದರು.
ರಥವು ಪ್ರತಿ ದಿನ ಸರಾಸರಿ 3.30 ಲಕ್ಷ ಕಿ.ಮೀ. ಮಾರ್ಗದಲ್ಲಿ ಸಂಚರಿಸಿ ಜನರಿಗೆ ಸೇವಾ ಸಂದೇಶ ಸಾರಲಿದೆ. ಮಾರ್ಗದುದ್ದಕ್ಕೂ ಭಕ್ತರು ರಥವನ್ನು ಸ್ವಾಗತಿಸಿ ಭಾಗವಹಿಸಬಹುದಾಗಿದೆ. ಸಂಸ್ಥೆಯ ಪದಾಧಿಕಾರಿಗಳು ಸುದ್ದಿಗೋಷ್ಠಿಯಲ್ಲಿ ಉಪಸ್ಥಿತರಿದ್ದರು.
